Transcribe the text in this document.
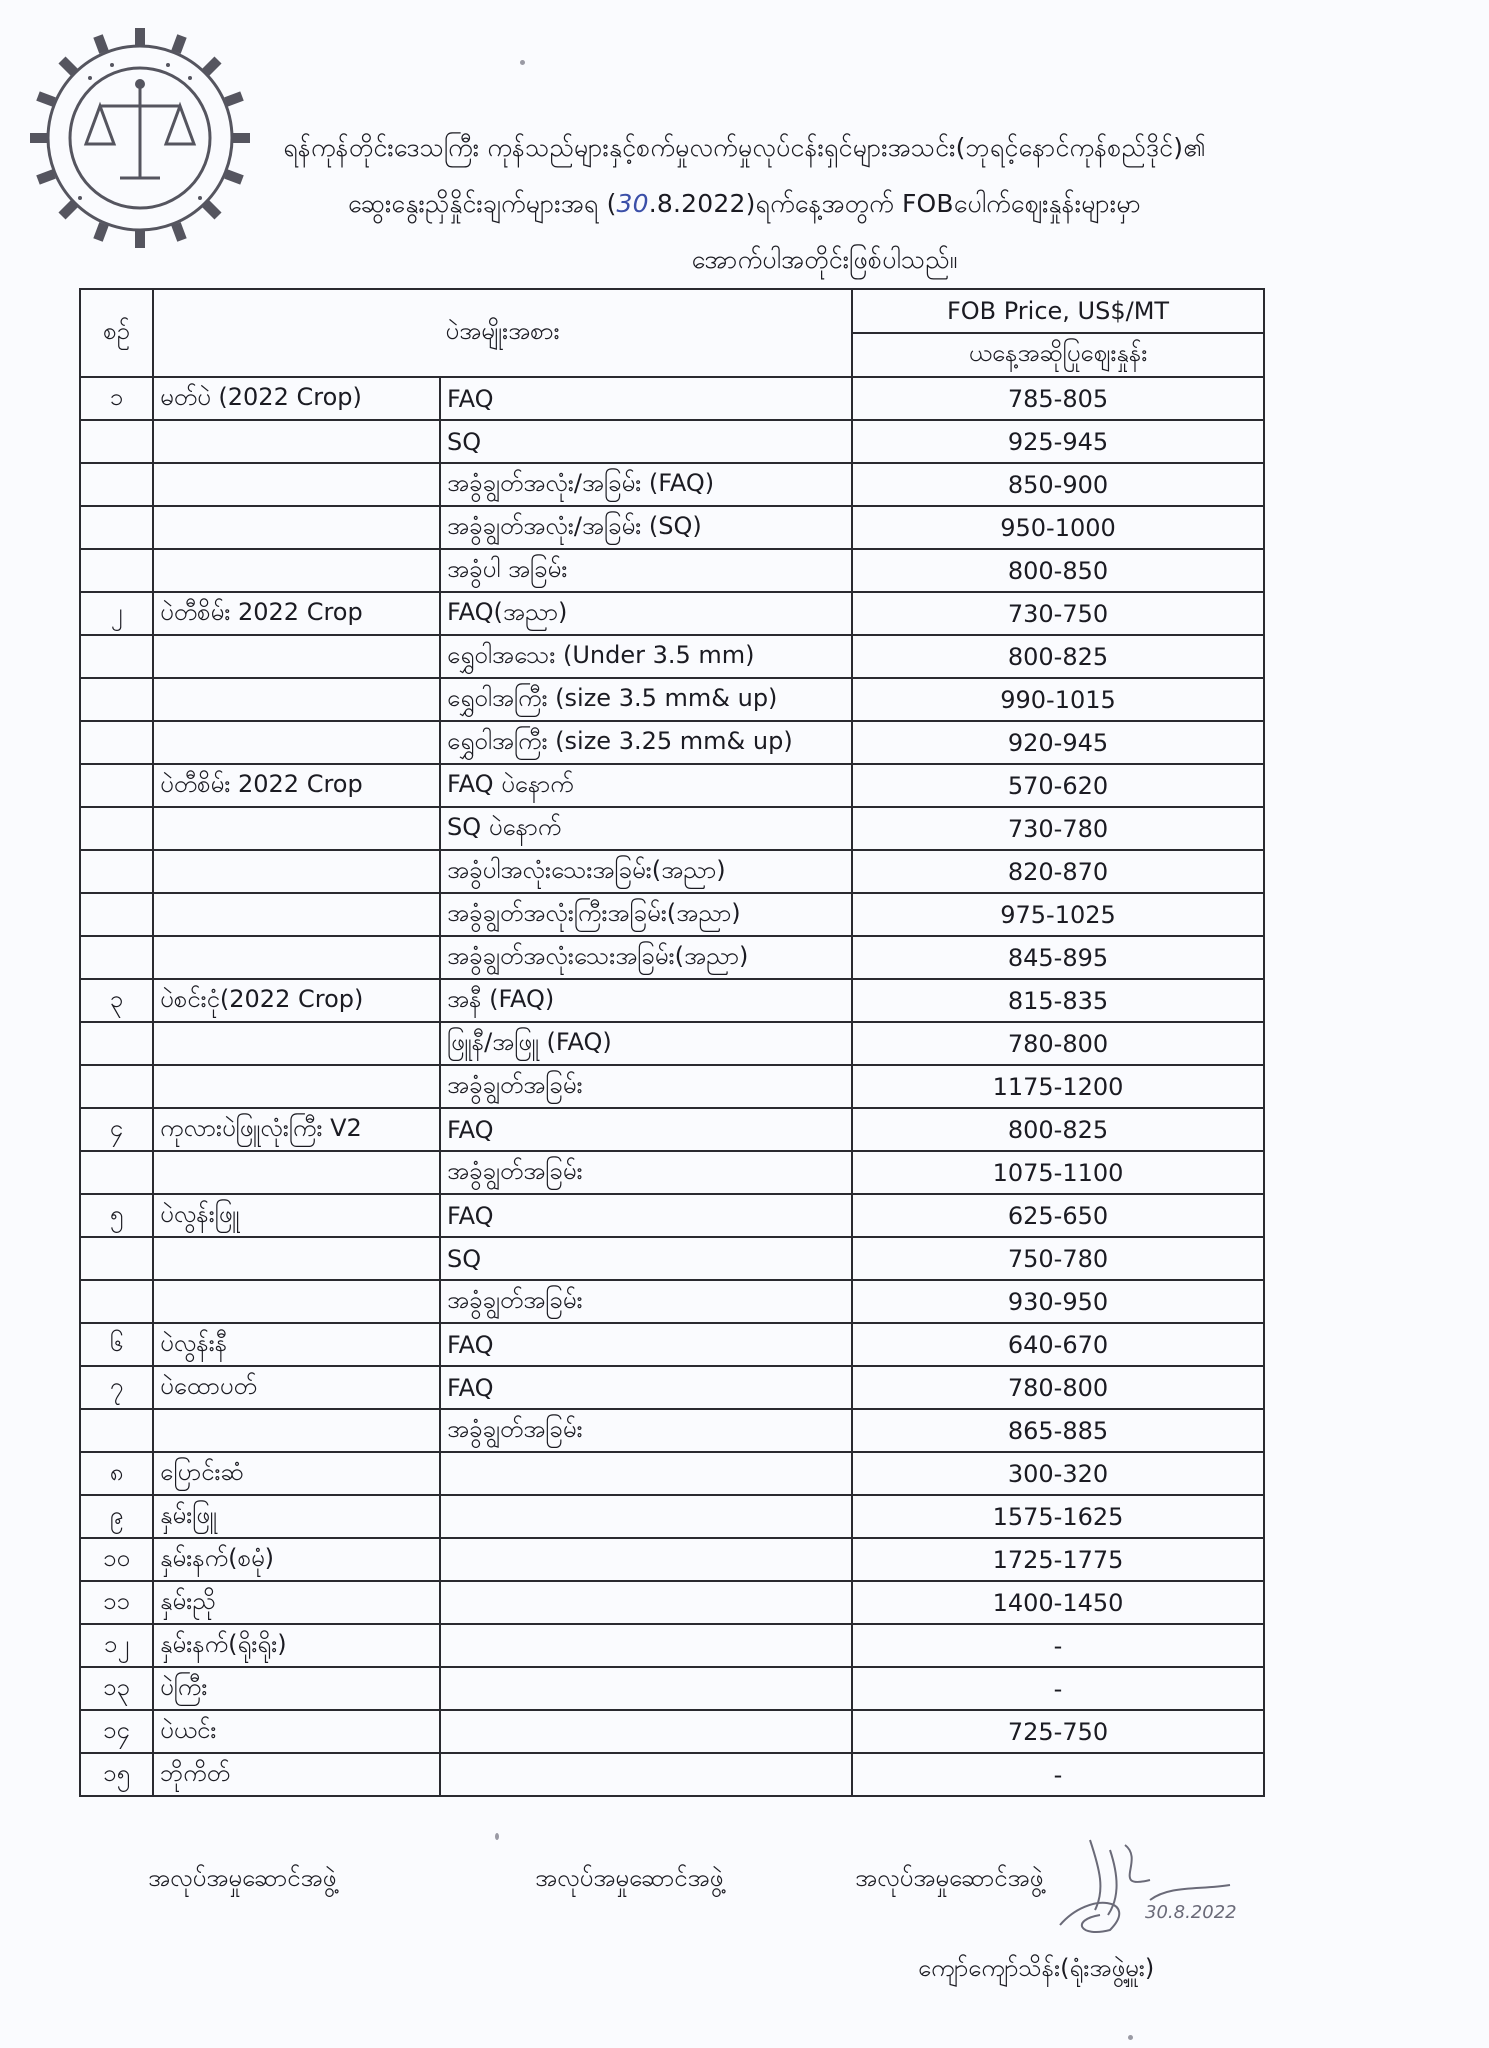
ရန်ကုန်တိုင်းဒေသကြီး ကုန်သည်များနှင့်စက်မှုလက်မှုလုပ်ငန်းရှင်များအသင်း(ဘုရင့်နောင်ကုန်စည်ဒိုင်)၏
ဆွေးနွေးညှိနှိုင်းချက်များအရ (30.8.2022)ရက်နေ့အတွက် FOBပေါက်ဈေးနှုန်းများမှာ
အောက်ပါအတိုင်းဖြစ်ပါသည်။
စဉ်	ပဲအမျိုးအစား		FOB Price, US$/MT
			ယနေ့အဆိုပြုဈေးနှုန်း
၁	မတ်ပဲ (2022 Crop)	FAQ	785-805
		SQ	925-945
		အခွံချွတ်အလုံး/အခြမ်း (FAQ)	850-900
		အခွံချွတ်အလုံး/အခြမ်း (SQ)	950-1000
		အခွံပါ အခြမ်း	800-850
၂	ပဲတီစိမ်း 2022 Crop	FAQ(အညာ)	730-750
		ရွှေဝါအသေး (Under 3.5 mm)	800-825
		ရွှေဝါအကြီး (size 3.5 mm& up)	990-1015
		ရွှေဝါအကြီး (size 3.25 mm& up)	920-945
	ပဲတီစိမ်း 2022 Crop	FAQ ပဲနောက်	570-620
		SQ ပဲနောက်	730-780
		အခွံပါအလုံးသေးအခြမ်း(အညာ)	820-870
		အခွံချွတ်အလုံးကြီးအခြမ်း(အညာ)	975-1025
		အခွံချွတ်အလုံးသေးအခြမ်း(အညာ)	845-895
၃	ပဲစင်းငုံ(2022 Crop)	အနီ (FAQ)	815-835
		ဖြူနီ/အဖြူ (FAQ)	780-800
		အခွံချွတ်အခြမ်း	1175-1200
၄	ကုလားပဲဖြူလုံးကြီး V2	FAQ	800-825
		အခွံချွတ်အခြမ်း	1075-1100
၅	ပဲလွန်းဖြူ	FAQ	625-650
		SQ	750-780
		အခွံချွတ်အခြမ်း	930-950
၆	ပဲလွန်းနီ	FAQ	640-670
၇	ပဲထောပတ်	FAQ	780-800
		အခွံချွတ်အခြမ်း	865-885
၈	ပြောင်းဆံ		300-320
၉	နှမ်းဖြူ		1575-1625
၁၀	နှမ်းနက်(စမုံ)		1725-1775
၁၁	နှမ်းညို		1400-1450
၁၂	နှမ်းနက်(ရိုးရိုး)		-
၁၃	ပဲကြီး		-
၁၄	ပဲယင်း		725-750
၁၅	ဘိုကိတ်		-
အလုပ်အမှုဆောင်အဖွဲ့	အလုပ်အမှုဆောင်အဖွဲ့	အလုပ်အမှုဆောင်အဖွဲ့
30.8.2022
ကျော်ကျော်သိန်း(ရုံးအဖွဲ့မှူး)
